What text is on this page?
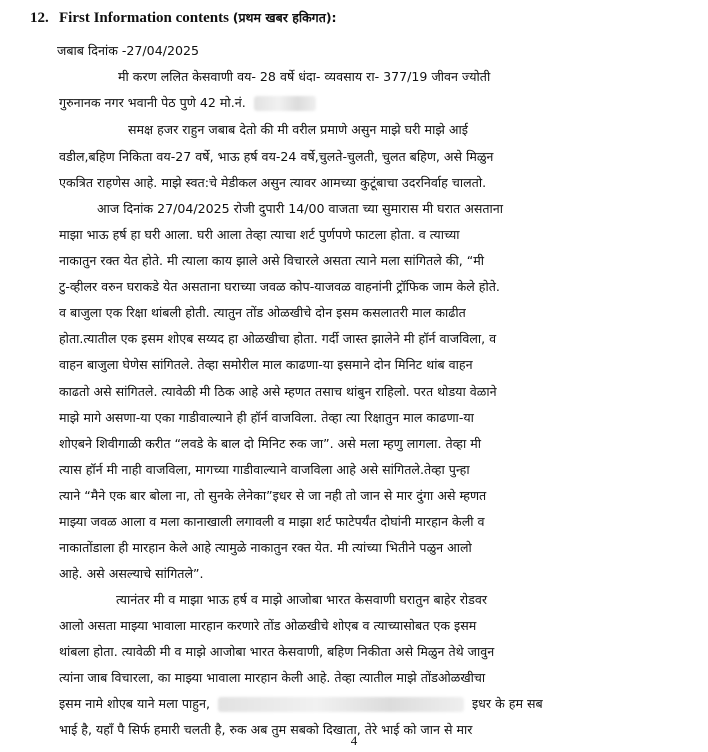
12. First Information contents (प्रथम खबर हकिगत):
जबाब दिनांक -27/04/2025
मी करण ललित केसवाणी वय- 28 वर्षे धंदा- व्यवसाय रा- 377/19 जीवन ज्योती
गुरुनानक नगर भवानी पेठ पुणे 42 मो.नं.
समक्ष हजर राहुन जबाब देतो की मी वरील प्रमाणे असुन माझे घरी माझे आई
वडील,बहिण निकिता वय-27 वर्षे, भाऊ हर्ष वय-24 वर्षे,चुलते-चुलती, चुलत बहिण, असे मिळुन
एकत्रित राहणेस आहे. माझे स्वत:चे मेडीकल असुन त्यावर आमच्या कुटूंबाचा उदरनिर्वाह चालतो.
आज दिनांक 27/04/2025 रोजी दुपारी 14/00 वाजता च्या सुमारास मी घरात असताना
माझा भाऊ हर्ष हा घरी आला. घरी आला तेव्हा त्याचा शर्ट पुर्णपणे फाटला होता. व त्याच्या
नाकातुन रक्त येत होते. मी त्याला काय झाले असे विचारले असता त्याने मला सांगितले की, “मी
टु-व्हीलर वरुन घराकडे येत असताना घराच्या जवळ कोप-याजवळ वाहनांनी ट्रॉफिक जाम केले होते.
व बाजुला एक रिक्षा थांबली होती. त्यातुन तोंड ओळखीचे दोन इसम कसलातरी माल काढीत
होता.त्यातील एक इसम शोएब सय्यद हा ओळखीचा होता. गर्दी जास्त झालेने मी हॉर्न वाजविला, व
वाहन बाजुला घेणेस सांगितले. तेव्हा समोरील माल काढणा-या इसमाने दोन मिनिट थांब वाहन
काढतो असे सांगितले. त्यावेळी मी ठिक आहे असे म्हणत तसाच थांबुन राहिलो. परत थोडया वेळाने
माझे मागे असणा-या एका गाडीवाल्याने ही हॉर्न वाजविला. तेव्हा त्या रिक्षातुन माल काढणा-या
शोएबने शिवीगाळी करीत “लवडे के बाल दो मिनिट रुक जा”. असे मला म्हणु लागला. तेव्हा मी
त्यास हॉर्न मी नाही वाजविला, मागच्या गाडीवाल्याने वाजविला आहे असे सांगितले.तेव्हा पुन्हा
त्याने “मैने एक बार बोला ना, तो सुनके लेनेका”इधर से जा नही तो जान से मार दुंगा असे म्हणत
माझ्या जवळ आला व मला कानाखाली लगावली व माझा शर्ट फाटेपर्यंत दोघांनी मारहान केली व
नाकातोंडाला ही मारहान केले आहे त्यामुळे नाकातुन रक्त येत. मी त्यांच्या भितीने पळुन आलो
आहे. असे असल्याचे सांगितले”.
त्यानंतर मी व माझा भाऊ हर्ष व माझे आजोबा भारत केसवाणी घरातुन बाहेर रोडवर
आलो असता माझ्या भावाला मारहान करणारे तोंड ओळखीचे शोएब व त्याच्यासोबत एक इसम
थांबला होता. त्यावेळी मी व माझे आजोबा भारत केसवाणी, बहिण निकीता असे मिळुन तेथे जावुन
त्यांना जाब विचारला, का माझ्या भावाला मारहान केली आहे. तेव्हा त्यातील माझे तोंडओळखीचा
इसम नामे शोएब याने मला पाहुन,	इधर के हम सब
भाई है, यहाँ पै सिर्फ हमारी चलती है, रुक अब तुम सबको दिखाता, तेरे भाई को जान से मार
4
